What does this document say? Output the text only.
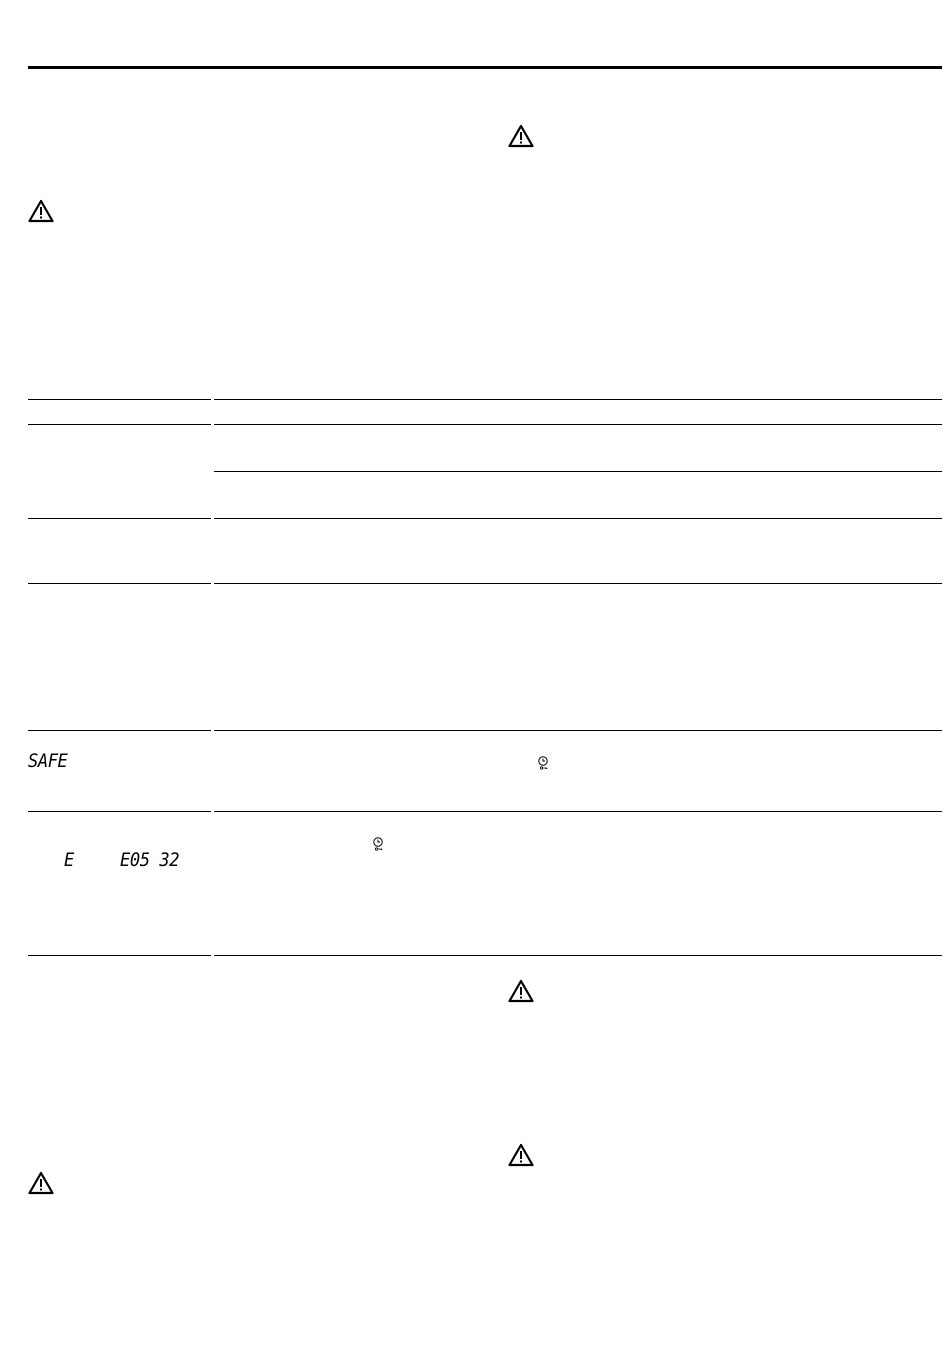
SAFE
E E05 32
